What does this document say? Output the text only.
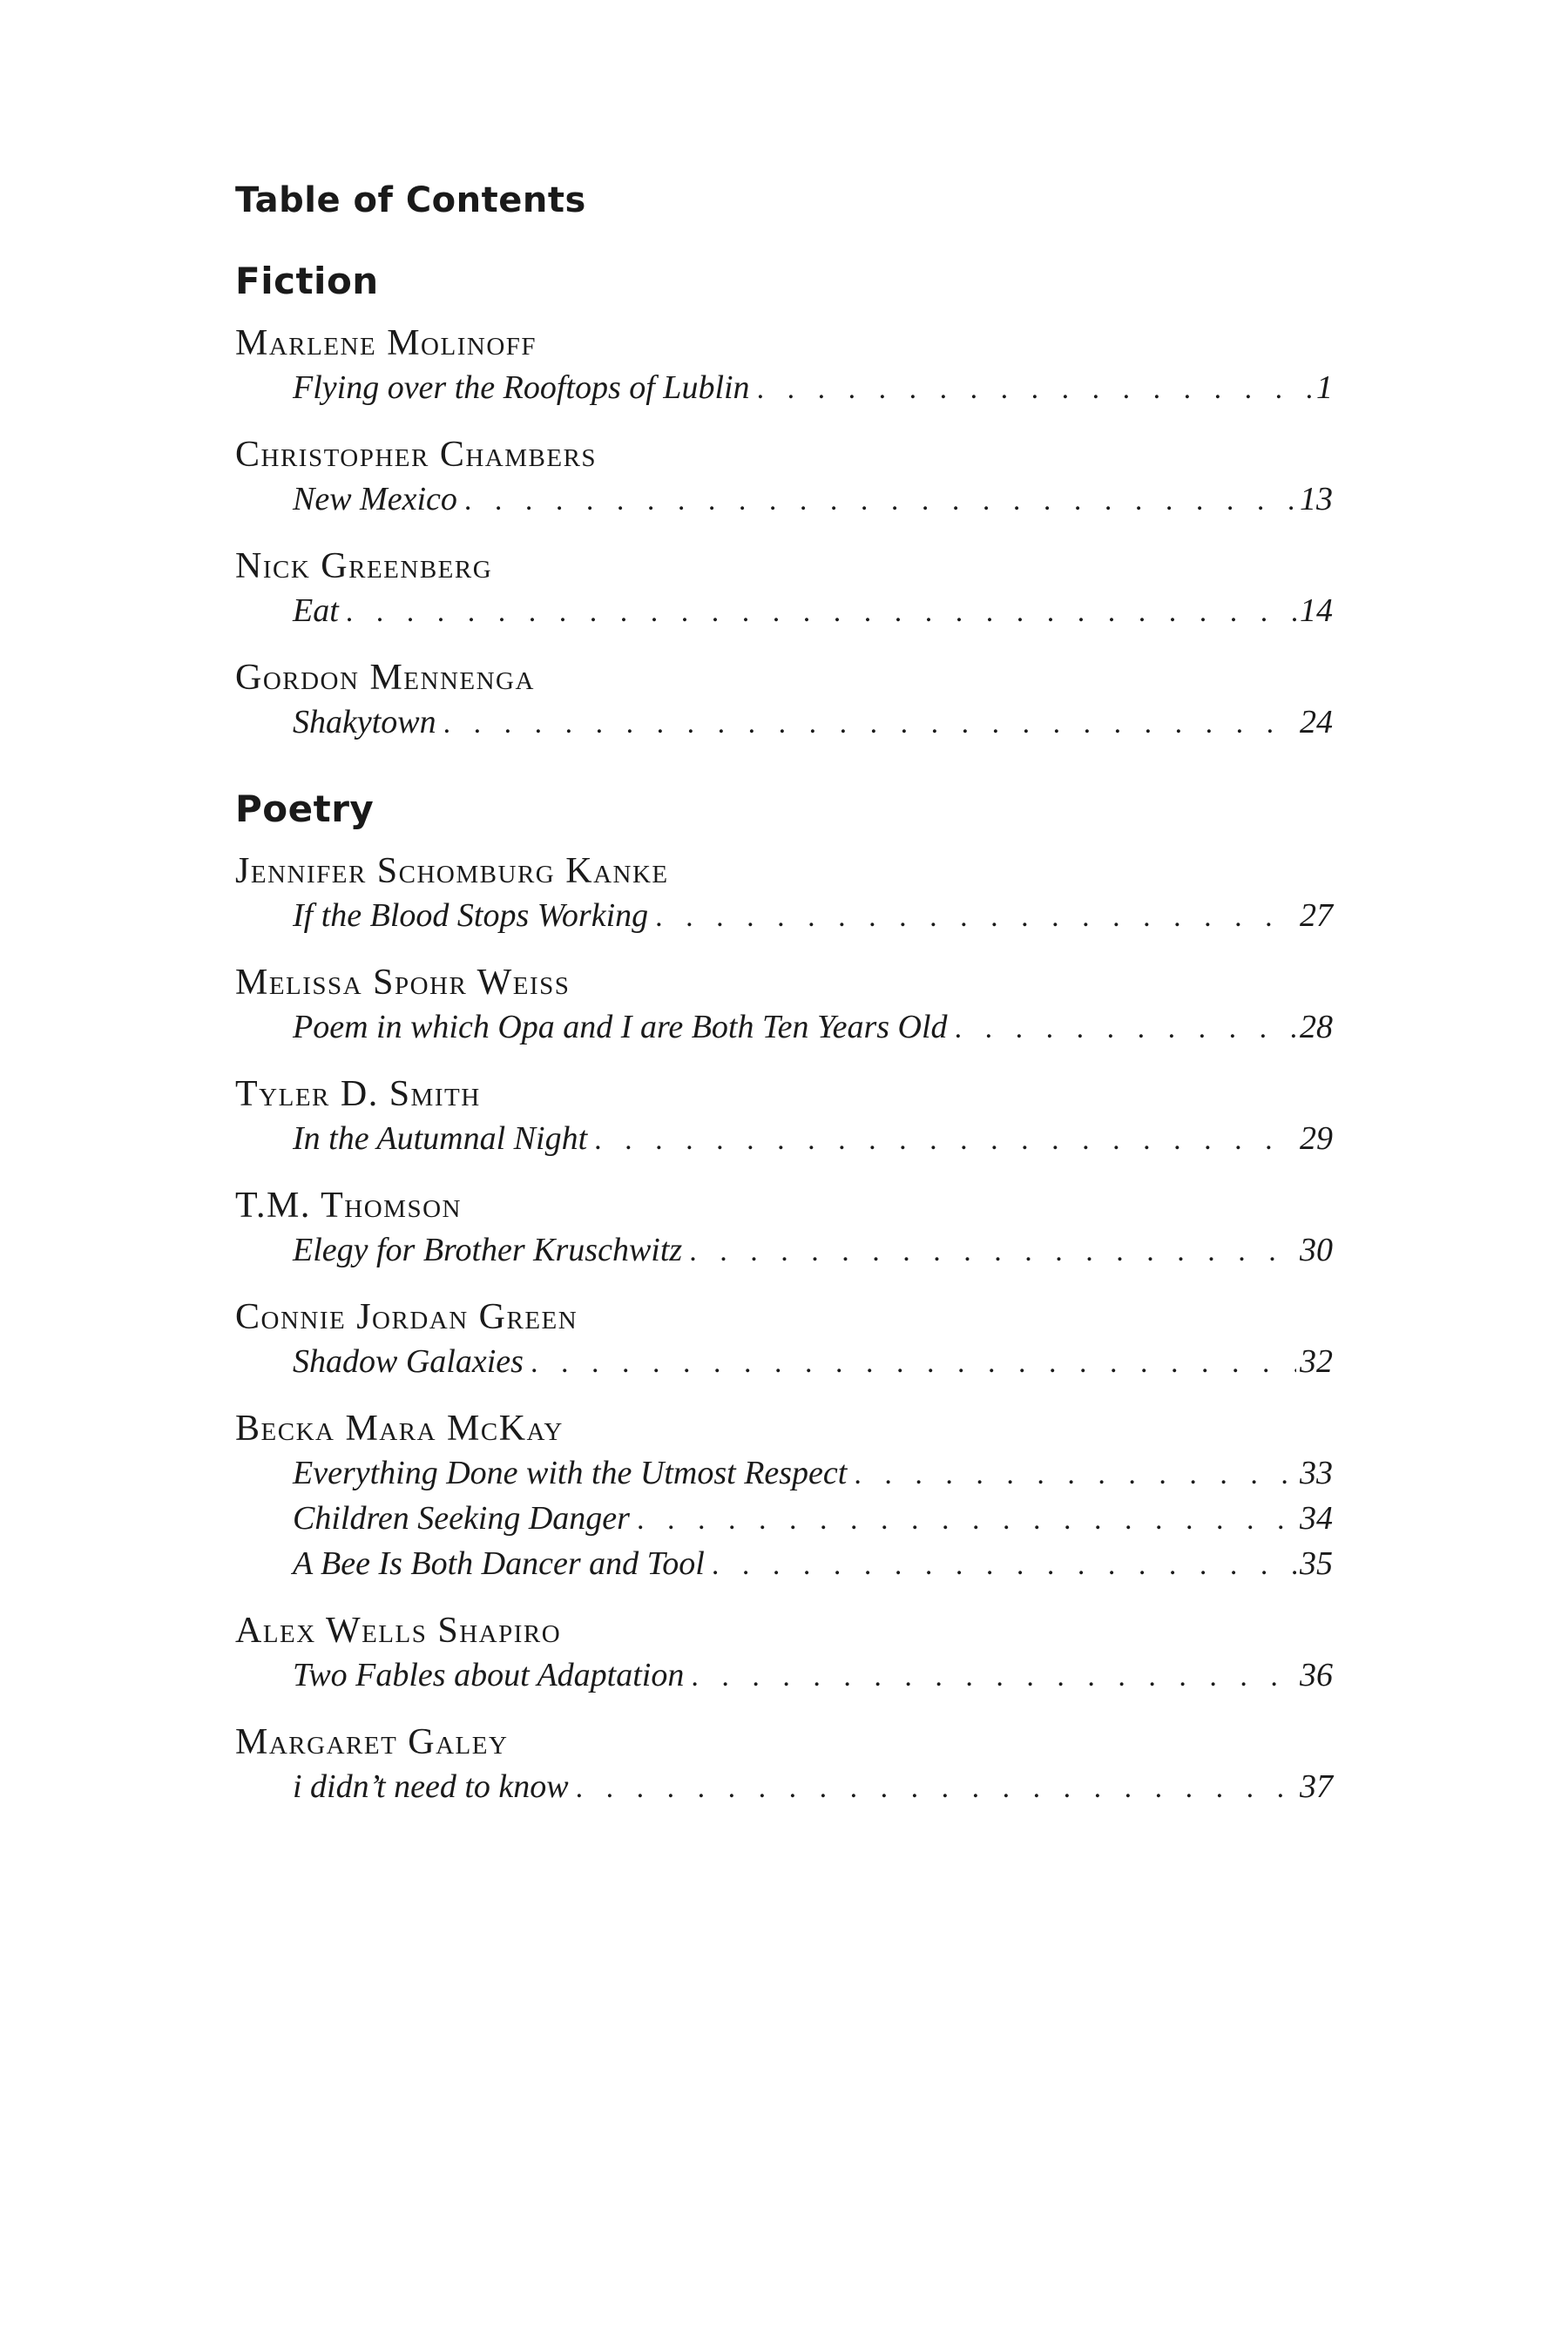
Table of Contents
Fiction
Marlene Molinoff
Flying over the Rooftops of Lublin . . .	1
Christopher Chambers
New Mexico . . .	13
Nick Greenberg
Eat . . .	14
Gordon Mennenga
Shakytown . . .	24
Poetry
Jennifer Schomburg Kanke
If the Blood Stops Working . . .	27
Melissa Spohr Weiss
Poem in which Opa and I are Both Ten Years Old . . .	28
Tyler D. Smith
In the Autumnal Night . . .	29
T.M. Thomson
Elegy for Brother Kruschwitz . . .	30
Connie Jordan Green
Shadow Galaxies . . .	32
Becka Mara McKay
Everything Done with the Utmost Respect . . .	33
Children Seeking Danger . . .	34
A Bee Is Both Dancer and Tool . . .	35
Alex Wells Shapiro
Two Fables about Adaptation . . .	36
Margaret Galey
i didn’t need to know . . .	37
